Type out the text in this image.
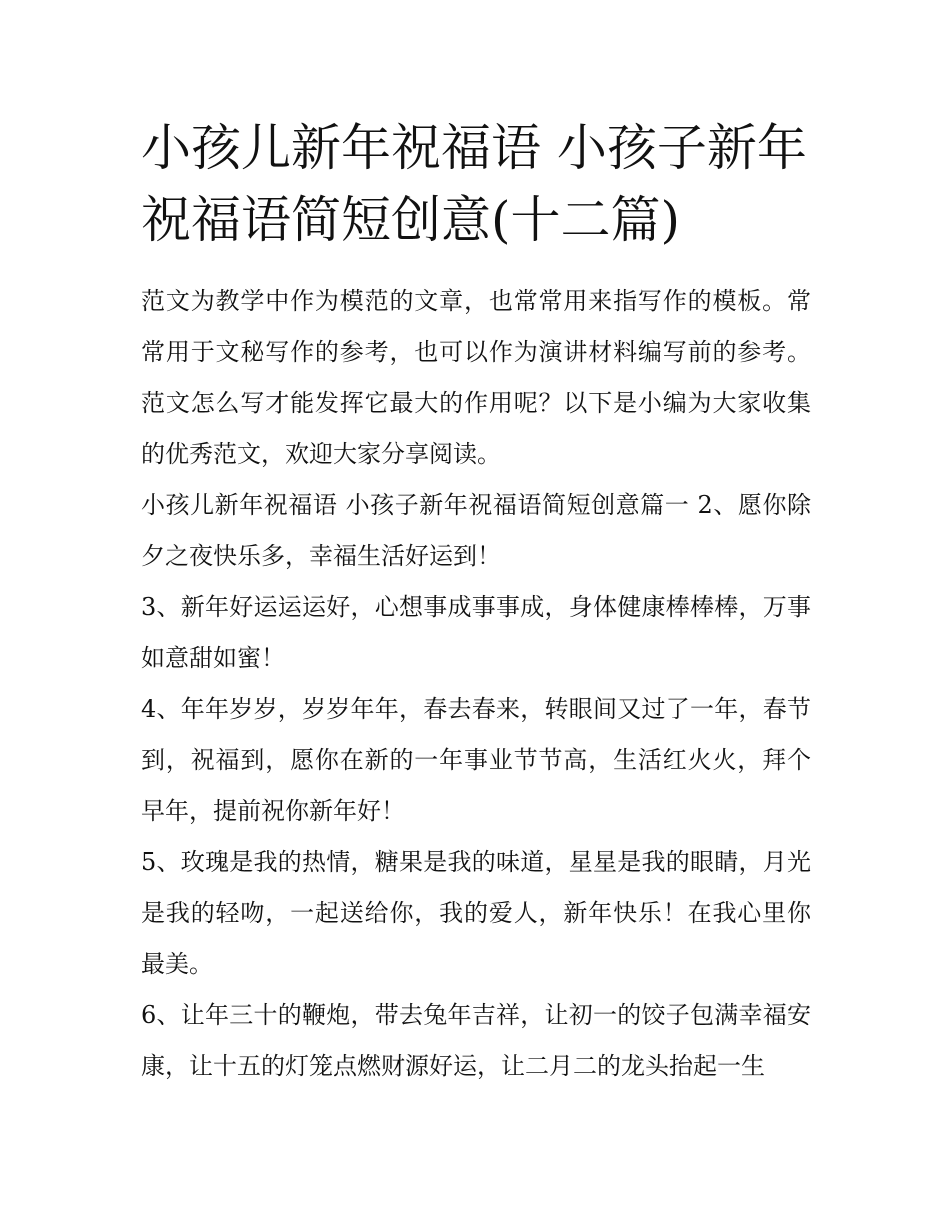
小孩儿新年祝福语 小孩子新年祝福语简短创意(十二篇)

范文为教学中作为模范的文章，也常常用来指写作的模板。常常用于文秘写作的参考，也可以作为演讲材料编写前的参考。范文怎么写才能发挥它最大的作用呢？以下是小编为大家收集的优秀范文，欢迎大家分享阅读。

小孩儿新年祝福语 小孩子新年祝福语简短创意篇一 2、愿你除夕之夜快乐多，幸福生活好运到！

3、新年好运运运好，心想事成事事成，身体健康棒棒棒，万事如意甜如蜜！

4、年年岁岁，岁岁年年，春去春来，转眼间又过了一年，春节到，祝福到，愿你在新的一年事业节节高，生活红火火，拜个早年，提前祝你新年好！

5、玫瑰是我的热情，糖果是我的味道，星星是我的眼睛，月光是我的轻吻，一起送给你，我的爱人，新年快乐！在我心里你最美。

6、让年三十的鞭炮，带去兔年吉祥，让初一的饺子包满幸福安康，让十五的灯笼点燃财源好运，让二月二的龙头抬起一生
